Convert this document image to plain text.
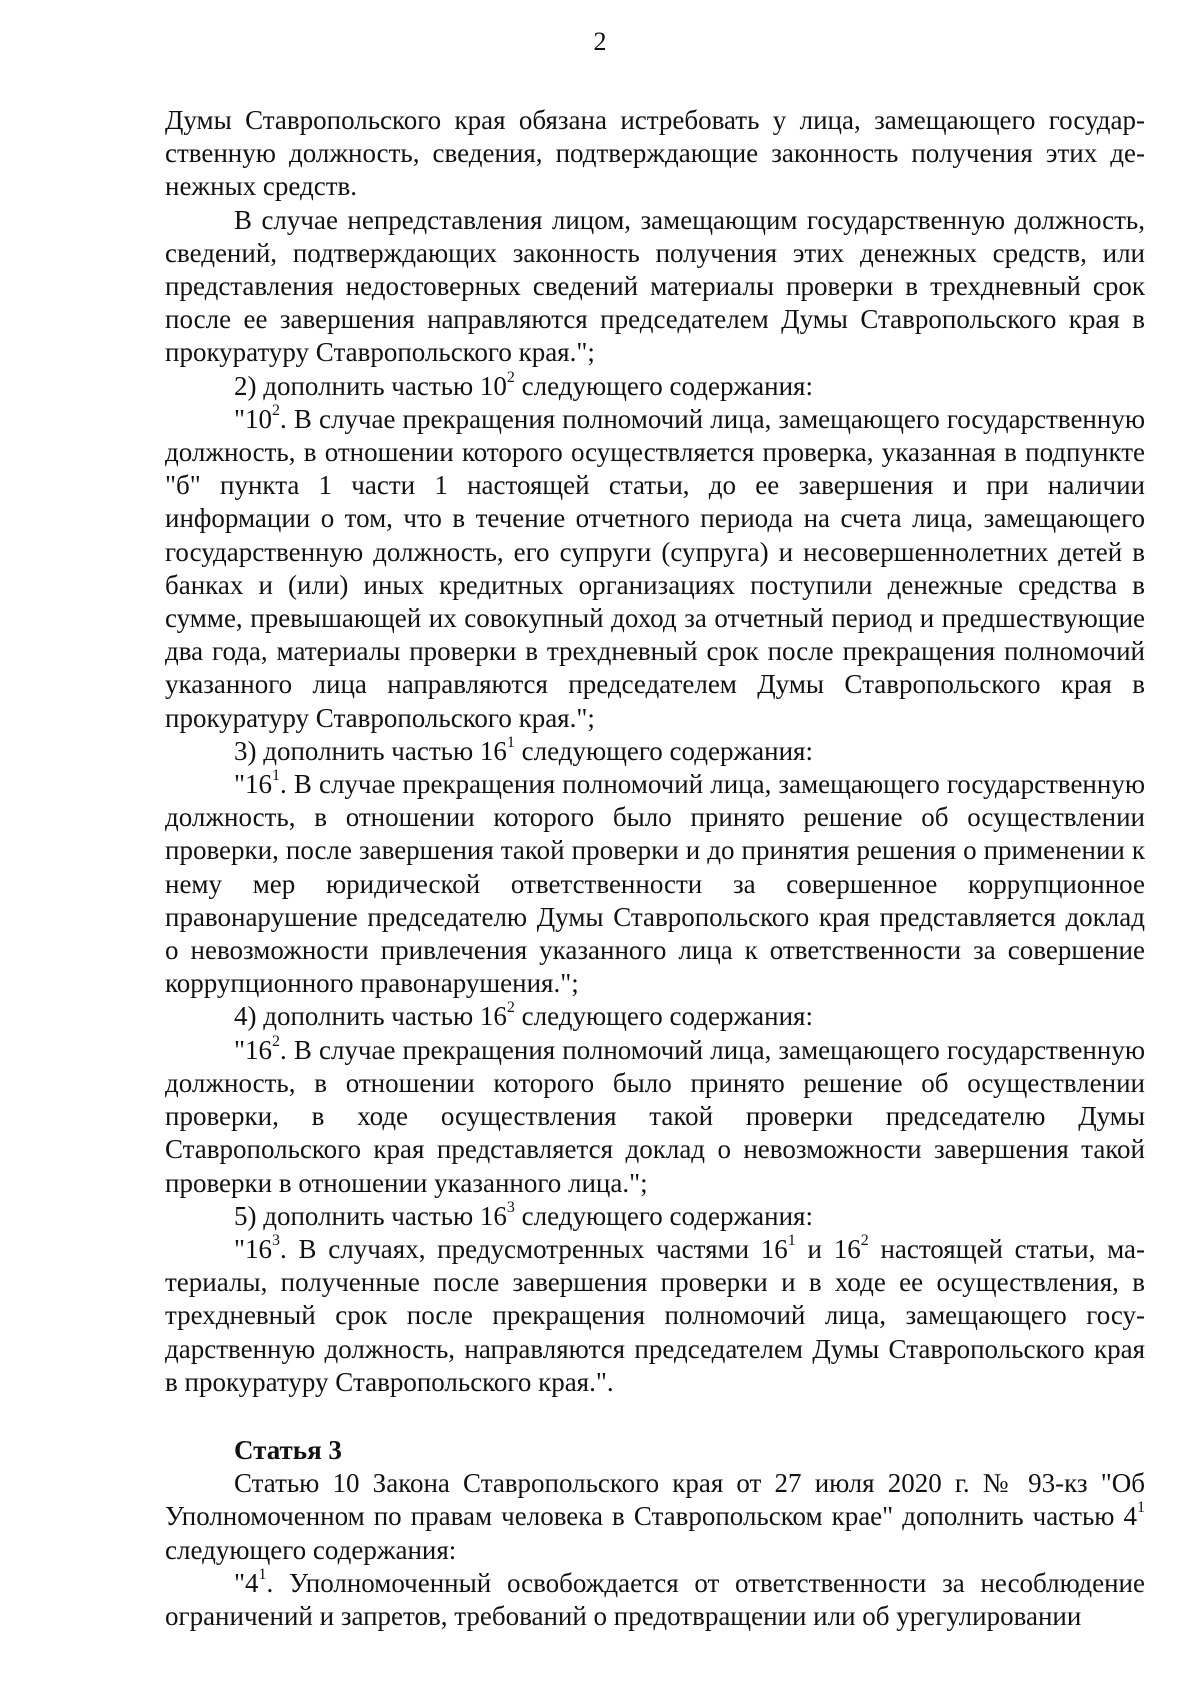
2

Думы Ставропольского края обязана истребовать у лица, замещающего государственную должность, сведения, подтверждающие законность получения этих денежных средств.

В случае непредставления лицом, замещающим государственную должность, сведений, подтверждающих законность получения этих денежных средств, или представления недостоверных сведений материалы проверки в трехдневный срок после ее завершения направляются председателем Думы Ставропольского края в прокуратуру Ставропольского края.";

2) дополнить частью $10^2$ следующего содержания:

"$10^2$. В случае прекращения полномочий лица, замещающего государственную должность, в отношении которого осуществляется проверка, указанная в подпункте "б" пункта 1 части 1 настоящей статьи, до ее завершения и при наличии информации о том, что в течение отчетного периода на счета лица, замещающего государственную должность, его супруги (супруга) и несовершеннолетних детей в банках и (или) иных кредитных организациях поступили денежные средства в сумме, превышающей их совокупный доход за отчетный период и предшествующие два года, материалы проверки в трехдневный срок после прекращения полномочий указанного лица направляются председателем Думы Ставропольского края в прокуратуру Ставропольского края.";

3) дополнить частью $16^1$ следующего содержания:

"$16^1$. В случае прекращения полномочий лица, замещающего государственную должность, в отношении которого было принято решение об осуществлении проверки, после завершения такой проверки и до принятия решения о применении к нему мер юридической ответственности за совершенное коррупционное правонарушение председателю Думы Ставропольского края представляется доклад о невозможности привлечения указанного лица к ответственности за совершение коррупционного правонарушения.";

4) дополнить частью $16^2$ следующего содержания:

"$16^2$. В случае прекращения полномочий лица, замещающего государственную должность, в отношении которого было принято решение об осуществлении проверки, в ходе осуществления такой проверки председателю Думы Ставропольского края представляется доклад о невозможности завершения такой проверки в отношении указанного лица.";

5) дополнить частью $16^3$ следующего содержания:

"$16^3$. В случаях, предусмотренных частями $16^1$ и $16^2$ настоящей статьи, материалы, полученные после завершения проверки и в ходе ее осуществления, в трехдневный срок после прекращения полномочий лица, замещающего государственную должность, направляются председателем Думы Ставропольского края в прокуратуру Ставропольского края.".

Статья 3

Статью 10 Закона Ставропольского края от 27 июля 2020 г. № 93-кз "Об Уполномоченном по правам человека в Ставропольском крае" дополнить частью $4^1$ следующего содержания:

"$4^1$. Уполномоченный освобождается от ответственности за несоблюдение ограничений и запретов, требований о предотвращении или об урегулировании
